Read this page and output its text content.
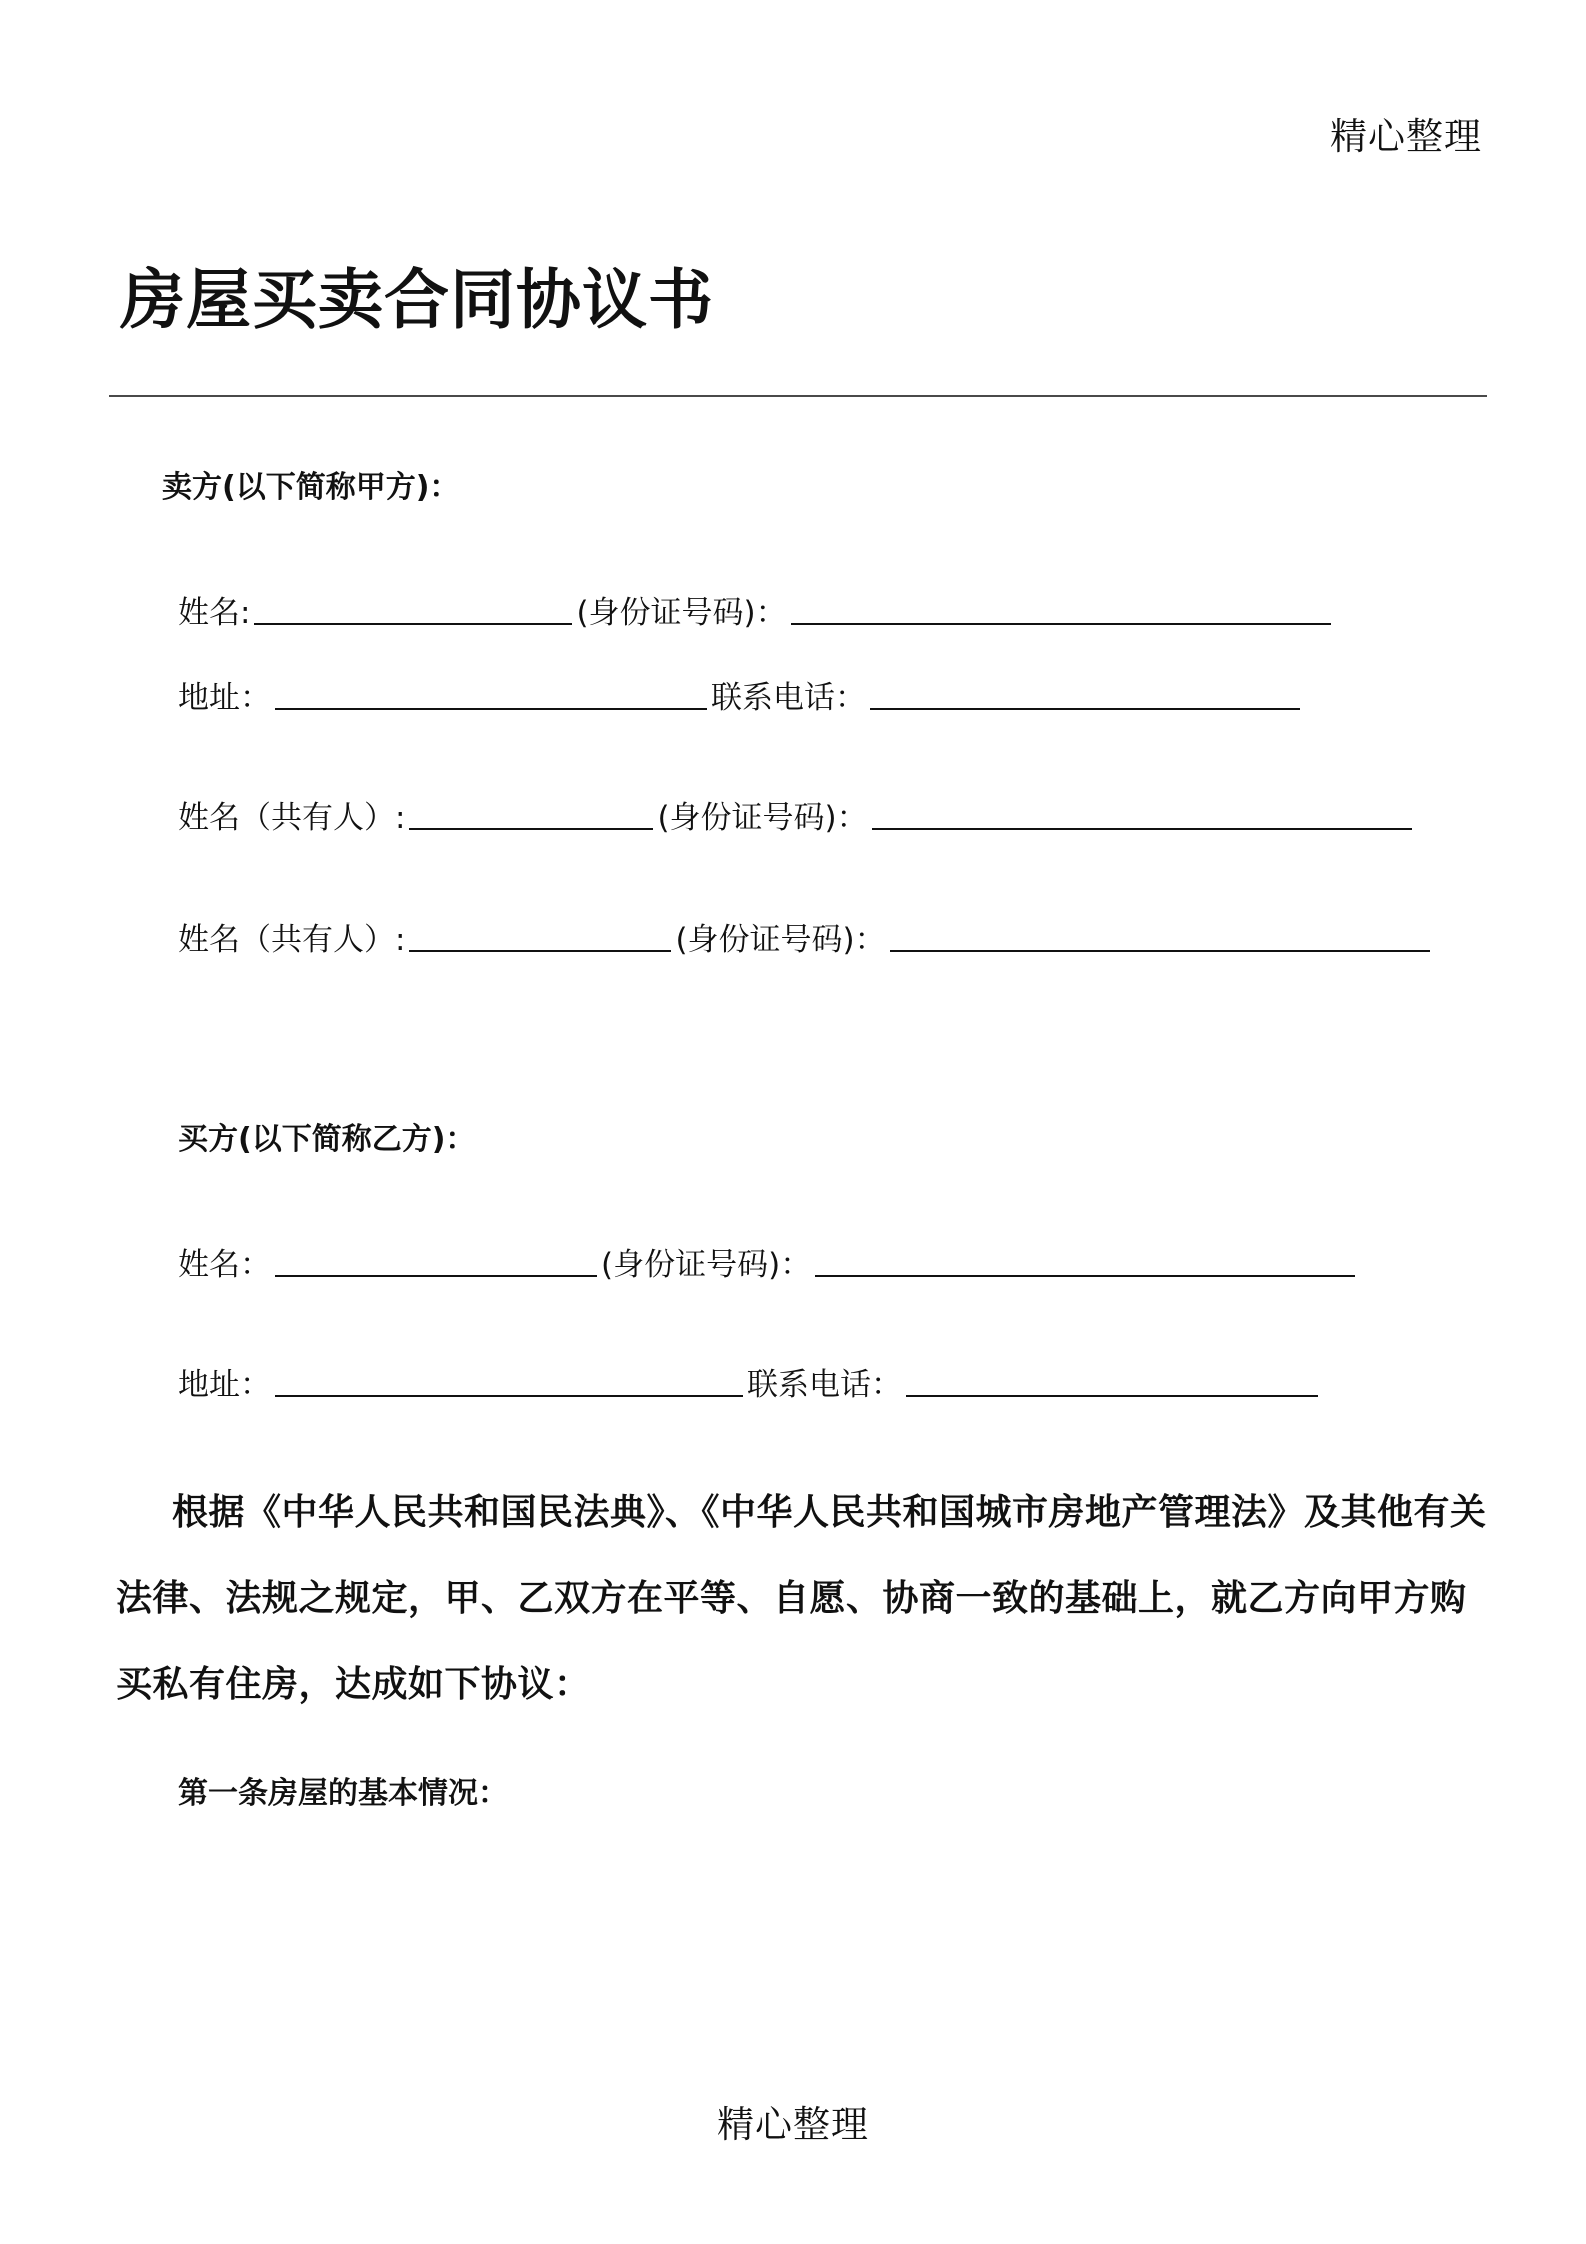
精心整理
房屋买卖合同协议书
卖方(以下简称甲方)：
姓名:	(身份证号码)：
地址：	联系电话：
姓名（共有人）:	(身份证号码)：
姓名（共有人）:	(身份证号码)：
买方(以下简称乙方)：
姓名：	(身份证号码)：
地址：	联系电话：

根据《中华人民共和国民法典》、《中华人民共和国城市房地产管理法》及其他有关法律、法规之规定，甲、乙双方在平等、自愿、协商一致的基础上，就乙方向甲方购买私有住房，达成如下协议：

第一条房屋的基本情况：
精心整理
